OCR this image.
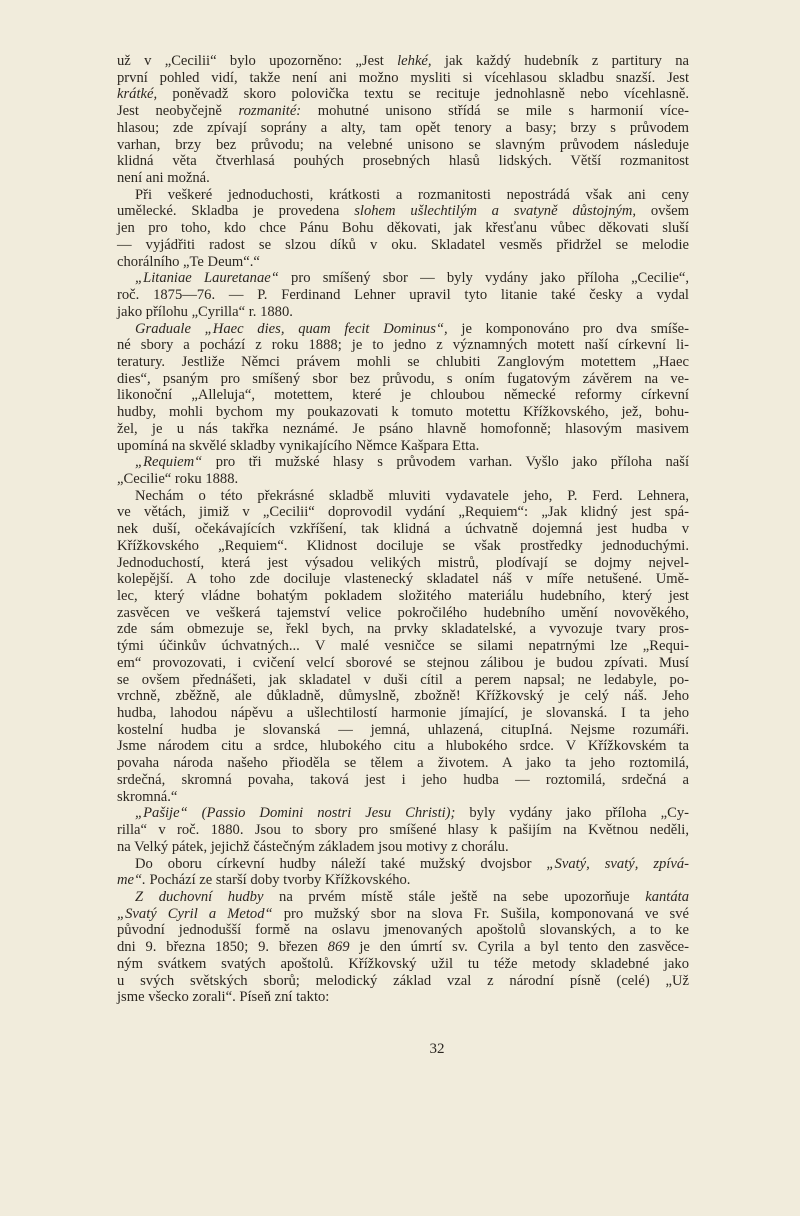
už v „Cecilii“ bylo upozorněno: „Jest lehké, jak každý hudebník z partitury na
první pohled vidí, takže není ani možno mysliti si vícehlasou skladbu snazší. Jest
krátké, poněvadž skoro polovička textu se recituje jednohlasně nebo vícehlasně.
Jest neobyčejně rozmanité: mohutné unisono střídá se mile s harmonií více-
hlasou; zde zpívají soprány a alty, tam opět tenory a basy; brzy s průvodem
varhan, brzy bez průvodu; na velebné unisono se slavným průvodem následuje
klidná věta čtverhlasá pouhých prosebných hlasů lidských. Větší rozmanitost
není ani možná.
Při veškeré jednoduchosti, krátkosti a rozmanitosti nepostrádá však ani ceny
umělecké. Skladba je provedena slohem ušlechtilým a svatyně důstojným, ovšem
jen pro toho, kdo chce Pánu Bohu děkovati, jak křesťanu vůbec děkovati sluší
— vyjádřiti radost se slzou díků v oku. Skladatel vesměs přidržel se melodie
chorálního „Te Deum“.“
„Litaniae Lauretanae“ pro smíšený sbor — byly vydány jako příloha „Cecilie“,
roč. 1875—76. — P. Ferdinand Lehner upravil tyto litanie také česky a vydal
jako přílohu „Cyrilla“ r. 1880.
Graduale „Haec dies, quam fecit Dominus“, je komponováno pro dva smíše-
né sbory a pochází z roku 1888; je to jedno z významných motett naší církevní li-
teratury. Jestliže Němci právem mohli se chlubiti Zanglovým motettem „Haec
dies“, psaným pro smíšený sbor bez průvodu, s oním fugatovým závěrem na ve-
likonoční „Alleluja“, motettem, které je chloubou německé reformy církevní
hudby, mohli bychom my poukazovati k tomuto motettu Křížkovského, jež, bohu-
žel, je u nás takřka neznámé. Je psáno hlavně homofonně; hlasovým masivem
upomíná na skvělé skladby vynikajícího Němce Kašpara Etta.
„Requiem“ pro tři mužské hlasy s průvodem varhan. Vyšlo jako příloha naší
„Cecilie“ roku 1888.
Nechám o této překrásné skladbě mluviti vydavatele jeho, P. Ferd. Lehnera,
ve větách, jimiž v „Cecilii“ doprovodil vydání „Requiem“: „Jak klidný jest spá-
nek duší, očekávajících vzkříšení, tak klidná a úchvatně dojemná jest hudba v
Křížkovského „Requiem“. Klidnost dociluje se však prostředky jednoduchými.
Jednoduchostí, která jest výsadou velikých mistrů, plodívají se dojmy nejvel-
kolepější. A toho zde dociluje vlastenecký skladatel náš v míře netušené. Umě-
lec, který vládne bohatým pokladem složitého materiálu hudebního, který jest
zasvěcen ve veškerá tajemství velice pokročilého hudebního umění novověkého,
zde sám obmezuje se, řekl bych, na prvky skladatelské, a vyvozuje tvary pros-
tými účinkův úchvatných... V malé vesničce se silami nepatrnými lze „Requi-
em“ provozovati, i cvičení velcí sborové se stejnou zálibou je budou zpívati. Musí
se ovšem přednášeti, jak skladatel v duši cítil a perem napsal; ne ledabyle, po-
vrchně, zběžně, ale důkladně, důmyslně, zbožně! Křížkovský je celý náš. Jeho
hudba, lahodou nápěvu a ušlechtilostí harmonie jímající, je slovanská. I ta jeho
kostelní hudba je slovanská — jemná, uhlazená, citupIná. Nejsme rozumáři.
Jsme národem citu a srdce, hlubokého citu a hlubokého srdce. V Křížkovském ta
povaha národa našeho přioděla se tělem a životem. A jako ta jeho roztomilá,
srdečná, skromná povaha, taková jest i jeho hudba — roztomilá, srdečná a
skromná.“
„Pašije“ (Passio Domini nostri Jesu Christi); byly vydány jako příloha „Cy-
rilla“ v roč. 1880. Jsou to sbory pro smíšené hlasy k pašijím na Květnou neděli,
na Velký pátek, jejichž částečným základem jsou motivy z chorálu.
Do oboru církevní hudby náleží také mužský dvojsbor „Svatý, svatý, zpívá-
me“. Pochází ze starší doby tvorby Křížkovského.
Z duchovní hudby na prvém místě stále ještě na sebe upozorňuje kantáta
„Svatý Cyril a Metod“ pro mužský sbor na slova Fr. Sušila, komponovaná ve své
původní jednodušší formě na oslavu jmenovaných apoštolů slovanských, a to ke
dni 9. března 1850; 9. březen 869 je den úmrtí sv. Cyrila a byl tento den zasvěce-
ným svátkem svatých apoštolů. Křížkovský užil tu téže metody skladebné jako
u svých světských sborů; melodický základ vzal z národní písně (celé) „Už
jsme všecko zorali“. Píseň zní takto:
32
